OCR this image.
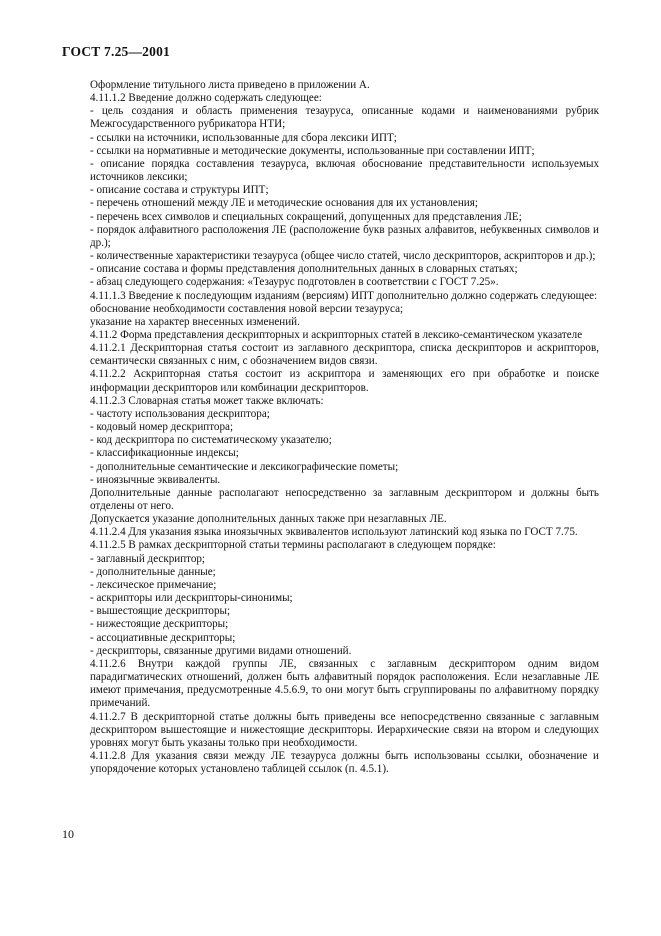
ГОСТ 7.25—2001

Оформление титульного листа приведено в приложении А.

4.11.1.2 Введение должно содержать следующее:

- цель создания и область применения тезауруса, описанные кодами и наименованиями рубрик Межгосударственного рубрикатора НТИ;

- ссылки на источники, использованные для сбора лексики ИПТ;

- ссылки на нормативные и методические документы, использованные при составлении ИПТ;

- описание порядка составления тезауруса, включая обоснование представительности используемых источников лексики;

- описание состава и структуры ИПТ;

- перечень отношений между ЛЕ и методические основания для их установления;

- перечень всех символов и специальных сокращений, допущенных для представления ЛЕ;

- порядок алфавитного расположения ЛЕ (расположение букв разных алфавитов, небуквенных символов и др.);

- количественные характеристики тезауруса (общее число статей, число дескрипторов, аскрипторов и др.);

- описание состава и формы представления дополнительных данных в словарных статьях;

- абзац следующего содержания: «Тезаурус подготовлен в соответствии с ГОСТ 7.25».

4.11.1.3 Введение к последующим изданиям (версиям) ИПТ дополнительно должно содержать следующее:

обоснование необходимости составления новой версии тезауруса;

указание на характер внесенных изменений.

4.11.2 Форма представления дескрипторных и аскрипторных статей в лексико-семантическом указателе

4.11.2.1 Дескрипторная статья состоит из заглавного дескриптора, списка дескрипторов и аскрипторов, семантически связанных с ним, с обозначением видов связи.

4.11.2.2 Аскрипторная статья состоит из аскриптора и заменяющих его при обработке и поиске информации дескрипторов или комбинации дескрипторов.

4.11.2.3 Словарная статья может также включать:

- частоту использования дескриптора;

- кодовый номер дескриптора;

- код дескриптора по систематическому указателю;

- классификационные индексы;

- дополнительные семантические и лексикографические пометы;

- иноязычные эквиваленты.

Дополнительные данные располагают непосредственно за заглавным дескриптором и должны быть отделены от него.

Допускается указание дополнительных данных также при незаглавных ЛЕ.

4.11.2.4 Для указания языка иноязычных эквивалентов используют латинский код языка по ГОСТ 7.75.

4.11.2.5 В рамках дескрипторной статьи термины располагают в следующем порядке:

- заглавный дескриптор;

- дополнительные данные;

- лексическое примечание;

- аскрипторы или дескрипторы-синонимы;

- вышестоящие дескрипторы;

- нижестоящие дескрипторы;

- ассоциативные дескрипторы;

- дескрипторы, связанные другими видами отношений.

4.11.2.6 Внутри каждой группы ЛЕ, связанных с заглавным дескриптором одним видом парадигматических отношений, должен быть алфавитный порядок расположения. Если незаглавные ЛЕ имеют примечания, предусмотренные 4.5.6.9, то они могут быть сгруппированы по алфавитному порядку примечаний.

4.11.2.7 В дескрипторной статье должны быть приведены все непосредственно связанные с заглавным дескриптором вышестоящие и нижестоящие дескрипторы. Иерархические связи на втором и следующих уровнях могут быть указаны только при необходимости.

4.11.2.8 Для указания связи между ЛЕ тезауруса должны быть использованы ссылки, обозначение и упорядочение которых установлено таблицей ссылок (п. 4.5.1).

10
